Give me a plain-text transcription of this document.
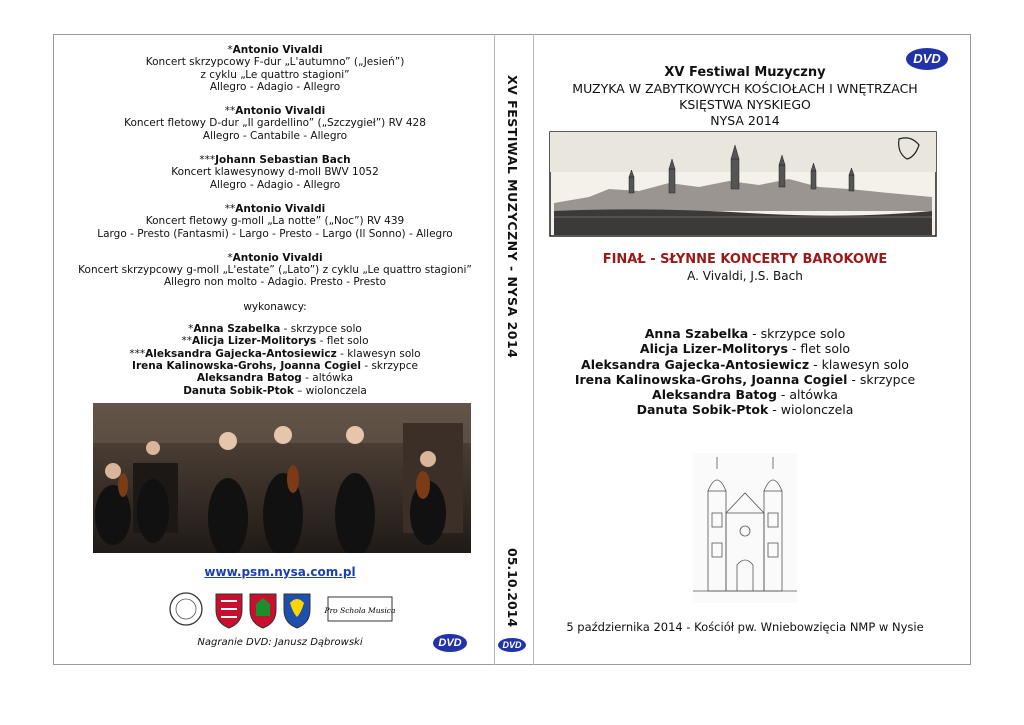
*Antonio Vivaldi
Koncert skrzypcowy F-dur „L'autumno” („Jesień”)
z cyklu „Le quattro stagioni”
Allegro - Adagio - Allegro
**Antonio Vivaldi
Koncert fletowy D-dur „Il gardellino” („Szczygieł”) RV 428
Allegro - Cantabile - Allegro
***Johann Sebastian Bach
Koncert klawesynowy d-moll BWV 1052
Allegro - Adagio - Allegro
**Antonio Vivaldi
Koncert fletowy g-moll „La notte” („Noc”) RV 439
Largo - Presto (Fantasmi) - Largo - Presto - Largo (Il Sonno) - Allegro
*Antonio Vivaldi
Koncert skrzypcowy g-moll „L'estate” („Lato”) z cyklu „Le quattro stagioni”
Allegro non molto - Adagio. Presto - Presto
wykonawcy:
*Anna Szabelka - skrzypce solo
**Alicja Lizer-Molitorys - flet solo
***Aleksandra Gajecka-Antosiewicz - klawesyn solo
Irena Kalinowska-Grohs, Joanna Cogiel - skrzypce
Aleksandra Batog - altówka
Danuta Sobik-Ptok – wiolonczela
www.psm.nysa.com.pl
Pro Schola Musica
Nagranie DVD: Janusz Dąbrowski	DVD
XV FESTIWAL MUZYCZNY - NYSA 2014
05.10.2014
DVD
XV Festiwal Muzyczny
MUZYKA W ZABYTKOWYCH KOŚCIOŁACH I WNĘTRZACH
KSIĘSTWA NYSKIEGO
NYSA 2014
FINAŁ - SŁYNNE KONCERTY BAROKOWE
A. Vivaldi, J.S. Bach
Anna Szabelka - skrzypce solo
Alicja Lizer-Molitorys - flet solo
Aleksandra Gajecka-Antosiewicz - klawesyn solo
Irena Kalinowska-Grohs, Joanna Cogiel - skrzypce
Aleksandra Batog - altówka
Danuta Sobik-Ptok - wiolonczela
5 października 2014 - Kościół pw. Wniebowzięcia NMP w Nysie
DVD
